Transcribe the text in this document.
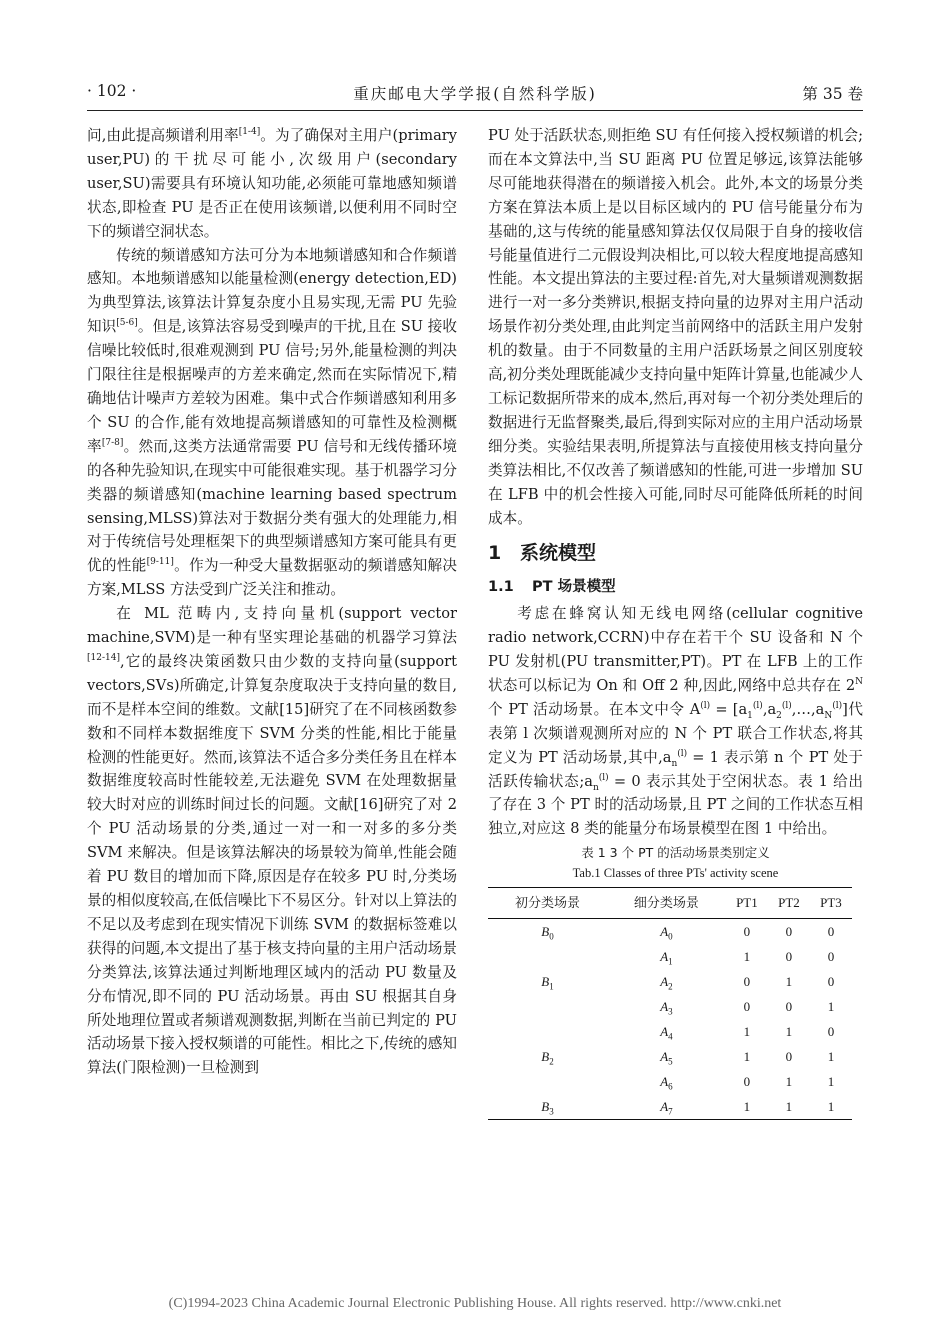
· 102 ·	重庆邮电大学学报(自然科学版)	第 35 卷

问,由此提高频谱利用率[1-4]。为了确保对主用户(primary user,PU)的干扰尽可能小,次级用户(secondary user,SU)需要具有环境认知功能,必须能可靠地感知频谱状态,即检查 PU 是否正在使用该频谱,以便利用不同时空下的频谱空洞状态。

传统的频谱感知方法可分为本地频谱感知和合作频谱感知。本地频谱感知以能量检测(energy detection,ED)为典型算法,该算法计算复杂度小且易实现,无需 PU 先验知识[5-6]。但是,该算法容易受到噪声的干扰,且在 SU 接收信噪比较低时,很难观测到 PU 信号;另外,能量检测的判决门限往往是根据噪声的方差来确定,然而在实际情况下,精确地估计噪声方差较为困难。集中式合作频谱感知利用多个 SU 的合作,能有效地提高频谱感知的可靠性及检测概率[7-8]。然而,这类方法通常需要 PU 信号和无线传播环境的各种先验知识,在现实中可能很难实现。基于机器学习分类器的频谱感知(machine learning based spectrum sensing,MLSS)算法对于数据分类有强大的处理能力,相对于传统信号处理框架下的典型频谱感知方案可能具有更优的性能[9-11]。作为一种受大量数据驱动的频谱感知解决方案,MLSS 方法受到广泛关注和推动。

在 ML 范畴内,支持向量机(support vector machine,SVM)是一种有坚实理论基础的机器学习算法[12-14],它的最终决策函数只由少数的支持向量(support vectors,SVs)所确定,计算复杂度取决于支持向量的数目,而不是样本空间的维数。文献[15]研究了在不同核函数参数和不同样本数据维度下 SVM 分类的性能,相比于能量检测的性能更好。然而,该算法不适合多分类任务且在样本数据维度较高时性能较差,无法避免 SVM 在处理数据量较大时对应的训练时间过长的问题。文献[16]研究了对 2 个 PU 活动场景的分类,通过一对一和一对多的多分类 SVM 来解决。但是该算法解决的场景较为简单,性能会随着 PU 数目的增加而下降,原因是存在较多 PU 时,分类场景的相似度较高,在低信噪比下不易区分。针对以上算法的不足以及考虑到在现实情况下训练 SVM 的数据标签难以获得的问题,本文提出了基于核支持向量的主用户活动场景分类算法,该算法通过判断地理区域内的活动 PU 数量及分布情况,即不同的 PU 活动场景。再由 SU 根据其自身所处地理位置或者频谱观测数据,判断在当前已判定的 PU 活动场景下接入授权频谱的可能性。相比之下,传统的感知算法(门限检测)一旦检测到

PU 处于活跃状态,则拒绝 SU 有任何接入授权频谱的机会;而在本文算法中,当 SU 距离 PU 位置足够远,该算法能够尽可能地获得潜在的频谱接入机会。此外,本文的场景分类方案在算法本质上是以目标区域内的 PU 信号能量分布为基础的,这与传统的能量感知算法仅仅局限于自身的接收信号能量值进行二元假设判决相比,可以较大程度地提高感知性能。本文提出算法的主要过程:首先,对大量频谱观测数据进行一对一多分类辨识,根据支持向量的边界对主用户活动场景作初分类处理,由此判定当前网络中的活跃主用户发射机的数量。由于不同数量的主用户活跃场景之间区别度较高,初分类处理既能减少支持向量中矩阵计算量,也能减少人工标记数据所带来的成本,然后,再对每一个初分类处理后的数据进行无监督聚类,最后,得到实际对应的主用户活动场景细分类。实验结果表明,所提算法与直接使用核支持向量分类算法相比,不仅改善了频谱感知的性能,可进一步增加 SU 在 LFB 中的机会性接入可能,同时尽可能降低所耗的时间成本。

1 系统模型
1.1 PT 场景模型

考虑在蜂窝认知无线电网络(cellular cognitive radio network,CCRN)中存在若干个 SU 设备和 N 个 PU 发射机(PU transmitter,PT)。PT 在 LFB 上的工作状态可以标记为 On 和 Off 2 种,因此,网络中总共存在 $2^N$ 个 PT 活动场景。在本文中令 $A^{(l)}$ = $[a_1^{(l)},a_2^{(l)},\dots,a_N^{(l)}]$代表第 l 次频谱观测所对应的 N 个 PT 联合工作状态,将其定义为 PT 活动场景,其中$,a_n^{(l)} = 1$ 表示第 n 个 PT 处于活跃传输状态$;a_n^{(l)} = 0$ 表示其处于空闲状态。表 1 给出了存在 3 个 PT 时的活动场景,且 PT 之间的工作状态互相独立,对应这 8 类的能量分布场景模型在图 1 中给出。

表 1 3 个 PT 的活动场景类别定义
Tab.1 Classes of three PTs' activity scene
初分类场景	细分类场景	PT1	PT2	PT3
$B_0$	$A_0$	0	0	0
$B_1$	$A_1$	1	0	0
	$A_2$	0	1	0
	$A_3$	0	0	1
$B_2$	$A_4$	1	1	0
	$A_5$	1	0	1
	$A_6$	0	1	1
$B_3$	$A_7$	1	1	1
(C)1994-2023 China Academic Journal Electronic Publishing House. All rights reserved. http://www.cnki.net
